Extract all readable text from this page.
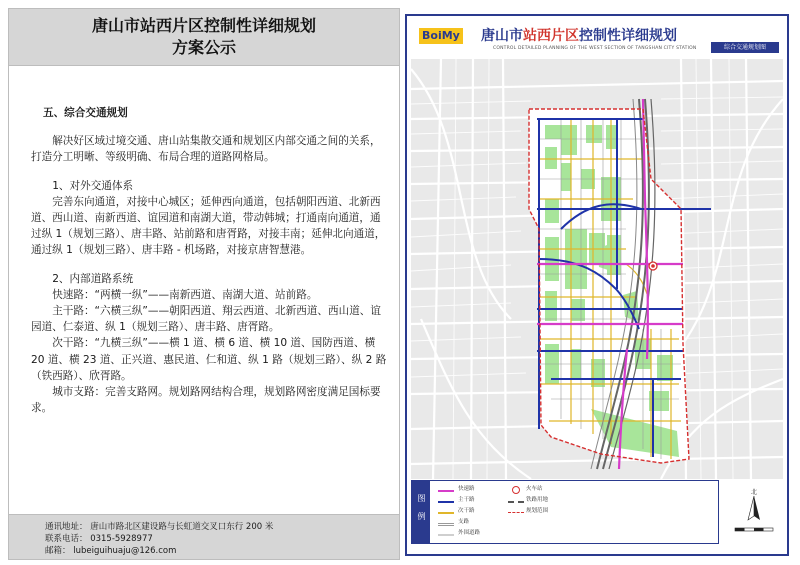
唐山市站西片区控制性详细规划
方案公示
五、综合交通规划

解决好区域过境交通、唐山站集散交通和规划区内部交通之间的关系，打造分工明晰、等级明确、布局合理的道路网格局。

1、对外交通体系

完善东向通道，对接中心城区；延伸西向通道，包括朝阳西道、北新西道、西山道、南新西道、谊园道和南湖大道，带动韩城；打通南向通道，通过纵 1（规划三路）、唐丰路、站前路和唐胥路，对接丰南；延伸北向通道，通过纵 1（规划三路）、唐丰路 - 机场路，对接京唐智慧港。

2、内部道路系统

快速路：“两横一纵”——南新西道、南湖大道、站前路。

主干路：“六横三纵”——朝阳西道、翔云西道、北新西道、西山道、谊园道、仁泰道、纵 1（规划三路）、唐丰路、唐胥路。

次干路：“九横三纵”——横 1 道、横 6 道、横 10 道、国防西道、横 20 道、横 23 道、正兴道、惠民道、仁和道、纵 1 路（规划三路）、纵 2 路（铁西路）、欣胥路。

城市支路：完善支路网。规划路网结构合理，规划路网密度满足国标要求。

通讯地址： 唐山市路北区建设路与长虹道交叉口东行 200 米
联系电话： 0315-5928977
邮箱： lubeiguihuaju@126.com
BoiMy 唐山市站西片区控制性详细规划
CONTROL DETAILED PLANNING OF THE WEST SECTION OF TANGSHAN CITY STATION	综合交通规划图
图例
快速路
主干路
次干路
支路
外围道路
火车站
铁路用地
规划范围
北
